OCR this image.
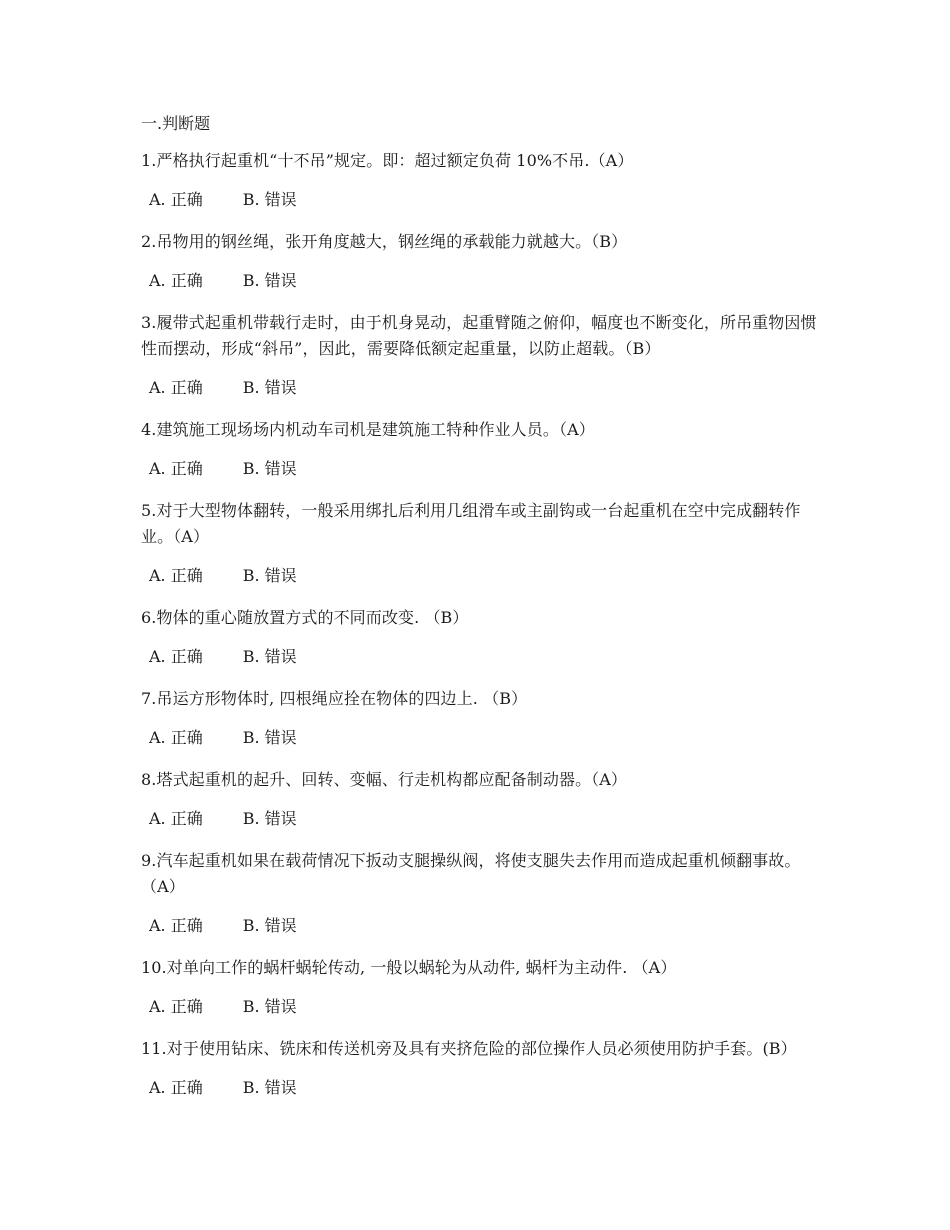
一.判断题

1.严格执行起重机“十不吊”规定。即：超过额定负荷 10%不吊.（A）

A. 正确	B. 错误

2.吊物用的钢丝绳，张开角度越大，钢丝绳的承载能力就越大。（B）

A. 正确	B. 错误

3.履带式起重机带载行走时，由于机身晃动，起重臂随之俯仰，幅度也不断变化，所吊重物因惯性而摆动，形成“斜吊”，因此，需要降低额定起重量，以防止超载。（B）

A. 正确	B. 错误

4.建筑施工现场场内机动车司机是建筑施工特种作业人员。（A）

A. 正确	B. 错误

5.对于大型物体翻转，一般采用绑扎后利用几组滑车或主副钩或一台起重机在空中完成翻转作业。（A）

A. 正确	B. 错误

6.物体的重心随放置方式的不同而改变. （B）

A. 正确	B. 错误

7.吊运方形物体时, 四根绳应拴在物体的四边上. （B）

A. 正确	B. 错误

8.塔式起重机的起升、回转、变幅、行走机构都应配备制动器。（A）

A. 正确	B. 错误

9.汽车起重机如果在载荷情况下扳动支腿操纵阀，将使支腿失去作用而造成起重机倾翻事故。（A）

A. 正确	B. 错误

10.对单向工作的蜗杆蜗轮传动, 一般以蜗轮为从动件, 蜗杆为主动件. （A）

A. 正确	B. 错误

11.对于使用钻床、铣床和传送机旁及具有夹挤危险的部位操作人员必须使用防护手套。(B）

A. 正确	B. 错误
